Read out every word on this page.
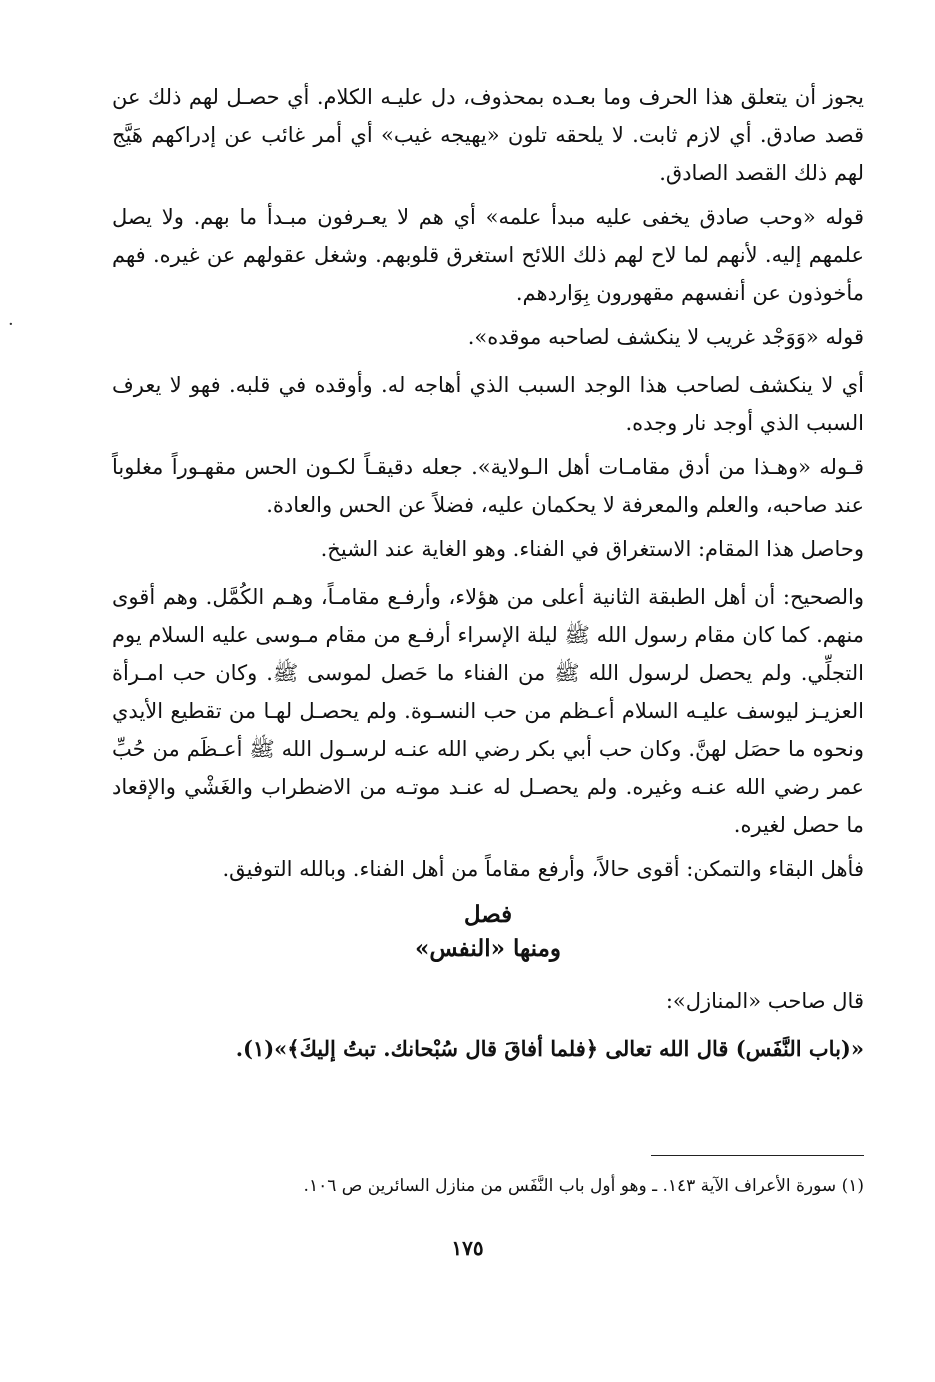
يجوز أن يتعلق هذا الحرف وما بعـده بمحذوف، دل عليـه الكلام. أي حصـل لهم ذلك عن قصد صادق. أي لازم ثابت. لا يلحقه تلون «يهيجه غيب» أي أمر غائب عن إدراكهم هَيَّج لهم ذلك القصد الصادق.

قوله «وحب صادق يخفى عليه مبدأ علمه» أي هم لا يعـرفون مبـدأ ما بهم. ولا يصل علمهم إليه. لأنهم لما لاح لهم ذلك اللائح استغرق قلوبهم. وشغل عقولهم عن غيره. فهم مأخوذون عن أنفسهم مقهورون بِوَاردهم.

قوله «وَوَجْد غريب لا ينكشف لصاحبه موقده».

أي لا ينكشف لصاحب هذا الوجد السبب الذي أهاجه له. وأوقده في قلبه. فهو لا يعرف السبب الذي أوجد نار وجده.

قـوله «وهـذا من أدق مقامـات أهل الـولاية». جعله دقيقـاً لكـون الحس مقهـوراً مغلوباً عند صاحبه، والعلم والمعرفة لا يحكمان عليه، فضلاً عن الحس والعادة.

وحاصل هذا المقام: الاستغراق في الفناء. وهو الغاية عند الشيخ.

والصحيح: أن أهل الطبقة الثانية أعلى من هؤلاء، وأرفـع مقامـاً، وهـم الكُمَّل. وهم أقوى منهم. كما كان مقام رسول الله ﷺ ليلة الإسراء أرفـع من مقام مـوسى عليه السلام يوم التجلِّي. ولم يحصل لرسول الله ﷺ من الفناء ما حَصل لموسى ﷺ. وكان حب امـرأة العزيـز ليوسف عليـه السلام أعـظم من حب النسـوة. ولم يحصـل لهـا من تقطيع الأيدي ونحوه ما حصَل لهنَّ. وكان حب أبي بكر رضي الله عنـه لرسـول الله ﷺ أعـظَم من حُبِّ عمر رضي الله عنـه وغيره. ولم يحصـل له عنـد موتـه من الاضطراب والغَشْي والإقعاد ما حصل لغيره.

فأهل البقاء والتمكن: أقوى حالاً، وأرفع مقاماً من أهل الفناء. وبالله التوفيق.

فصل
ومنها «النفس»

قال صاحب «المنازل»:

«(باب النَّفَس) قال الله تعالى ﴿فلما أفاقَ قال سُبْحانك. تبتُ إليكَ﴾»(١).

(١) سورة الأعراف الآية ١٤٣. ـ وهو أول باب النَّفَس من منازل السائرين ص ١٠٦.
١٧٥
·
